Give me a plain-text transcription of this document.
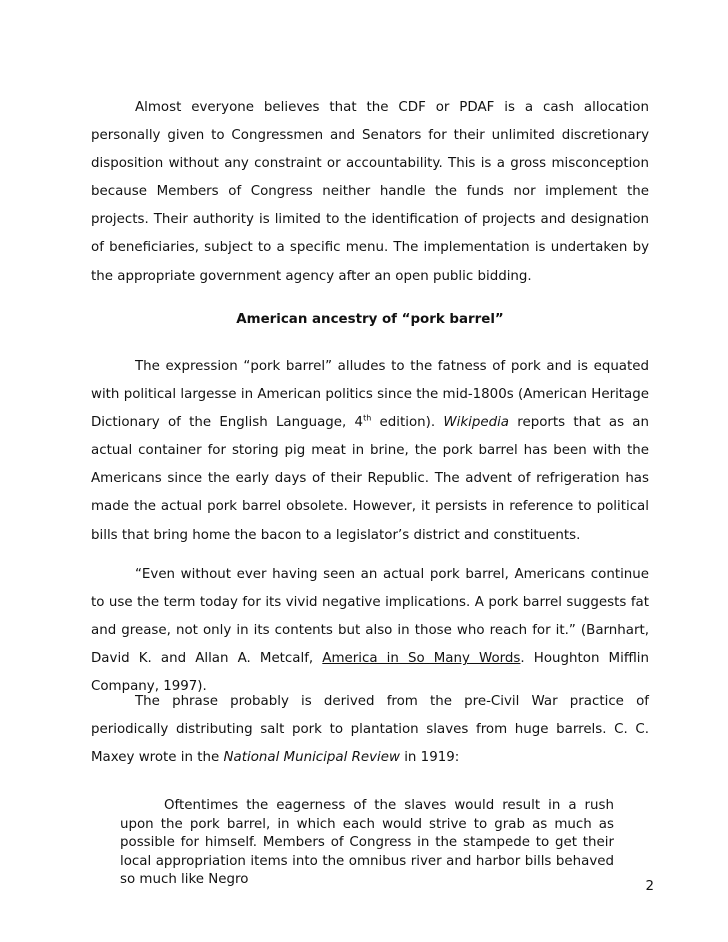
Almost everyone believes that the CDF or PDAF is a cash allocation personally given to Congressmen and Senators for their unlimited discretionary disposition without any constraint or accountability. This is a gross misconception because Members of Congress neither handle the funds nor implement the projects. Their authority is limited to the identification of projects and designation of beneficiaries, subject to a specific menu. The implementation is undertaken by the appropriate government agency after an open public bidding.

American ancestry of “pork barrel”

The expression “pork barrel” alludes to the fatness of pork and is equated with political largesse in American politics since the mid-1800s (American Heritage Dictionary of the English Language, 4th edition). Wikipedia reports that as an actual container for storing pig meat in brine, the pork barrel has been with the Americans since the early days of their Republic. The advent of refrigeration has made the actual pork barrel obsolete. However, it persists in reference to political bills that bring home the bacon to a legislator’s district and constituents.

“Even without ever having seen an actual pork barrel, Americans continue to use the term today for its vivid negative implications. A pork barrel suggests fat and grease, not only in its contents but also in those who reach for it.” (Barnhart, David K. and Allan A. Metcalf, America in So Many Words. Houghton Mifflin Company, 1997).

The phrase probably is derived from the pre-Civil War practice of periodically distributing salt pork to plantation slaves from huge barrels. C. C. Maxey wrote in the National Municipal Review in 1919:

Oftentimes the eagerness of the slaves would result in a rush upon the pork barrel, in which each would strive to grab as much as possible for himself. Members of Congress in the stampede to get their local appropriation items into the omnibus river and harbor bills behaved so much like Negro	2
